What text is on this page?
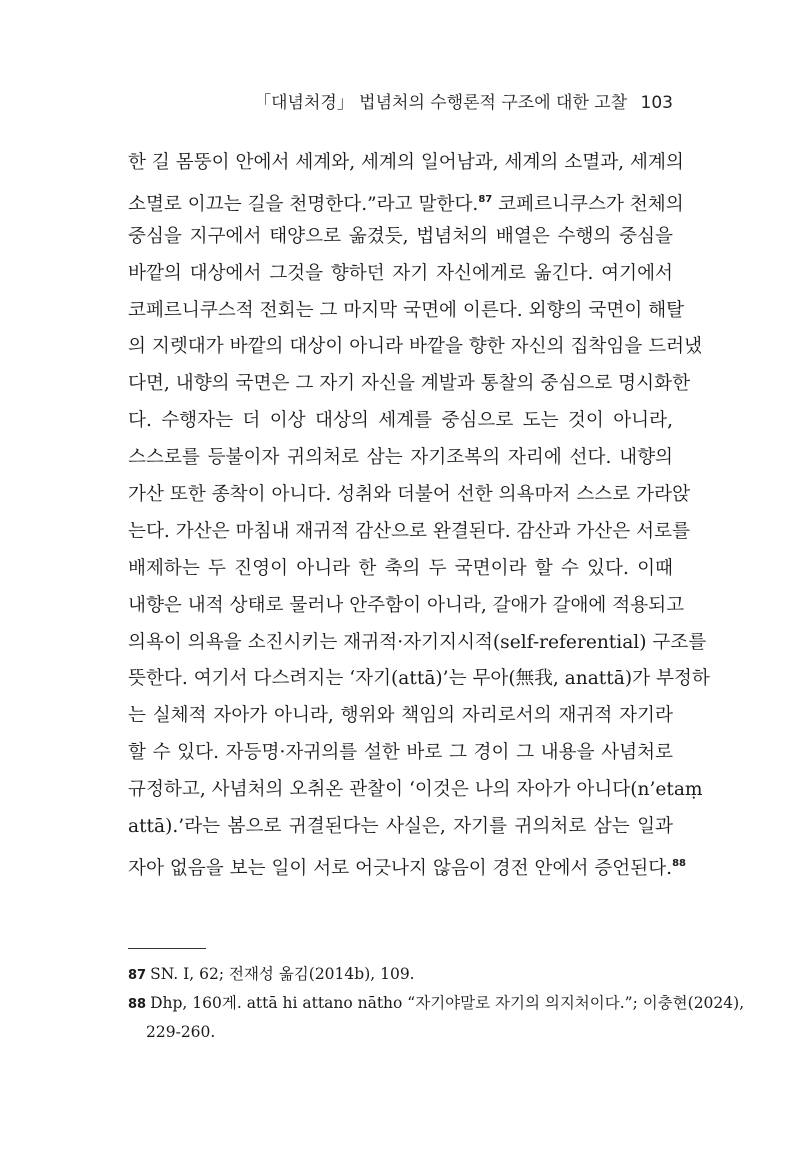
「대념처경」 법념처의 수행론적 구조에 대한 고찰 103
한 길 몸뚱이 안에서 세계와, 세계의 일어남과, 세계의 소멸과, 세계의
소멸로 이끄는 길을 천명한다.”라고 말한다.$^{87}$ 코페르니쿠스가 천체의
중심을 지구에서 태양으로 옮겼듯, 법념처의 배열은 수행의 중심을
바깥의 대상에서 그것을 향하던 자기 자신에게로 옮긴다. 여기에서
코페르니쿠스적 전회는 그 마지막 국면에 이른다. 외향의 국면이 해탈
의 지렛대가 바깥의 대상이 아니라 바깥을 향한 자신의 집착임을 드러냈
다면, 내향의 국면은 그 자기 자신을 계발과 통찰의 중심으로 명시화한
다. 수행자는 더 이상 대상의 세계를 중심으로 도는 것이 아니라,
스스로를 등불이자 귀의처로 삼는 자기조복의 자리에 선다. 내향의
가산 또한 종착이 아니다. 성취와 더불어 선한 의욕마저 스스로 가라앉
는다. 가산은 마침내 재귀적 감산으로 완결된다. 감산과 가산은 서로를
배제하는 두 진영이 아니라 한 축의 두 국면이라 할 수 있다. 이때
내향은 내적 상태로 물러나 안주함이 아니라, 갈애가 갈애에 적용되고
의욕이 의욕을 소진시키는 재귀적·자기지시적(self-referential) 구조를
뜻한다. 여기서 다스려지는 ‘자기(attā)’는 무아(無我, anattā)가 부정하
는 실체적 자아가 아니라, 행위와 책임의 자리로서의 재귀적 자기라
할 수 있다. 자등명·자귀의를 설한 바로 그 경이 그 내용을 사념처로
규정하고, 사념처의 오취온 관찰이 ‘이것은 나의 자아가 아니다(n’etaṃ
attā).’라는 봄으로 귀결된다는 사실은, 자기를 귀의처로 삼는 일과
자아 없음을 보는 일이 서로 어긋나지 않음이 경전 안에서 증언된다.$^{88}$
87 SN. I, 62; 전재성 옮김(2014b), 109.
88 Dhp, 160게. attā hi attano nātho “자기야말로 자기의 의지처이다.”; 이충현(2024),
229-260.
